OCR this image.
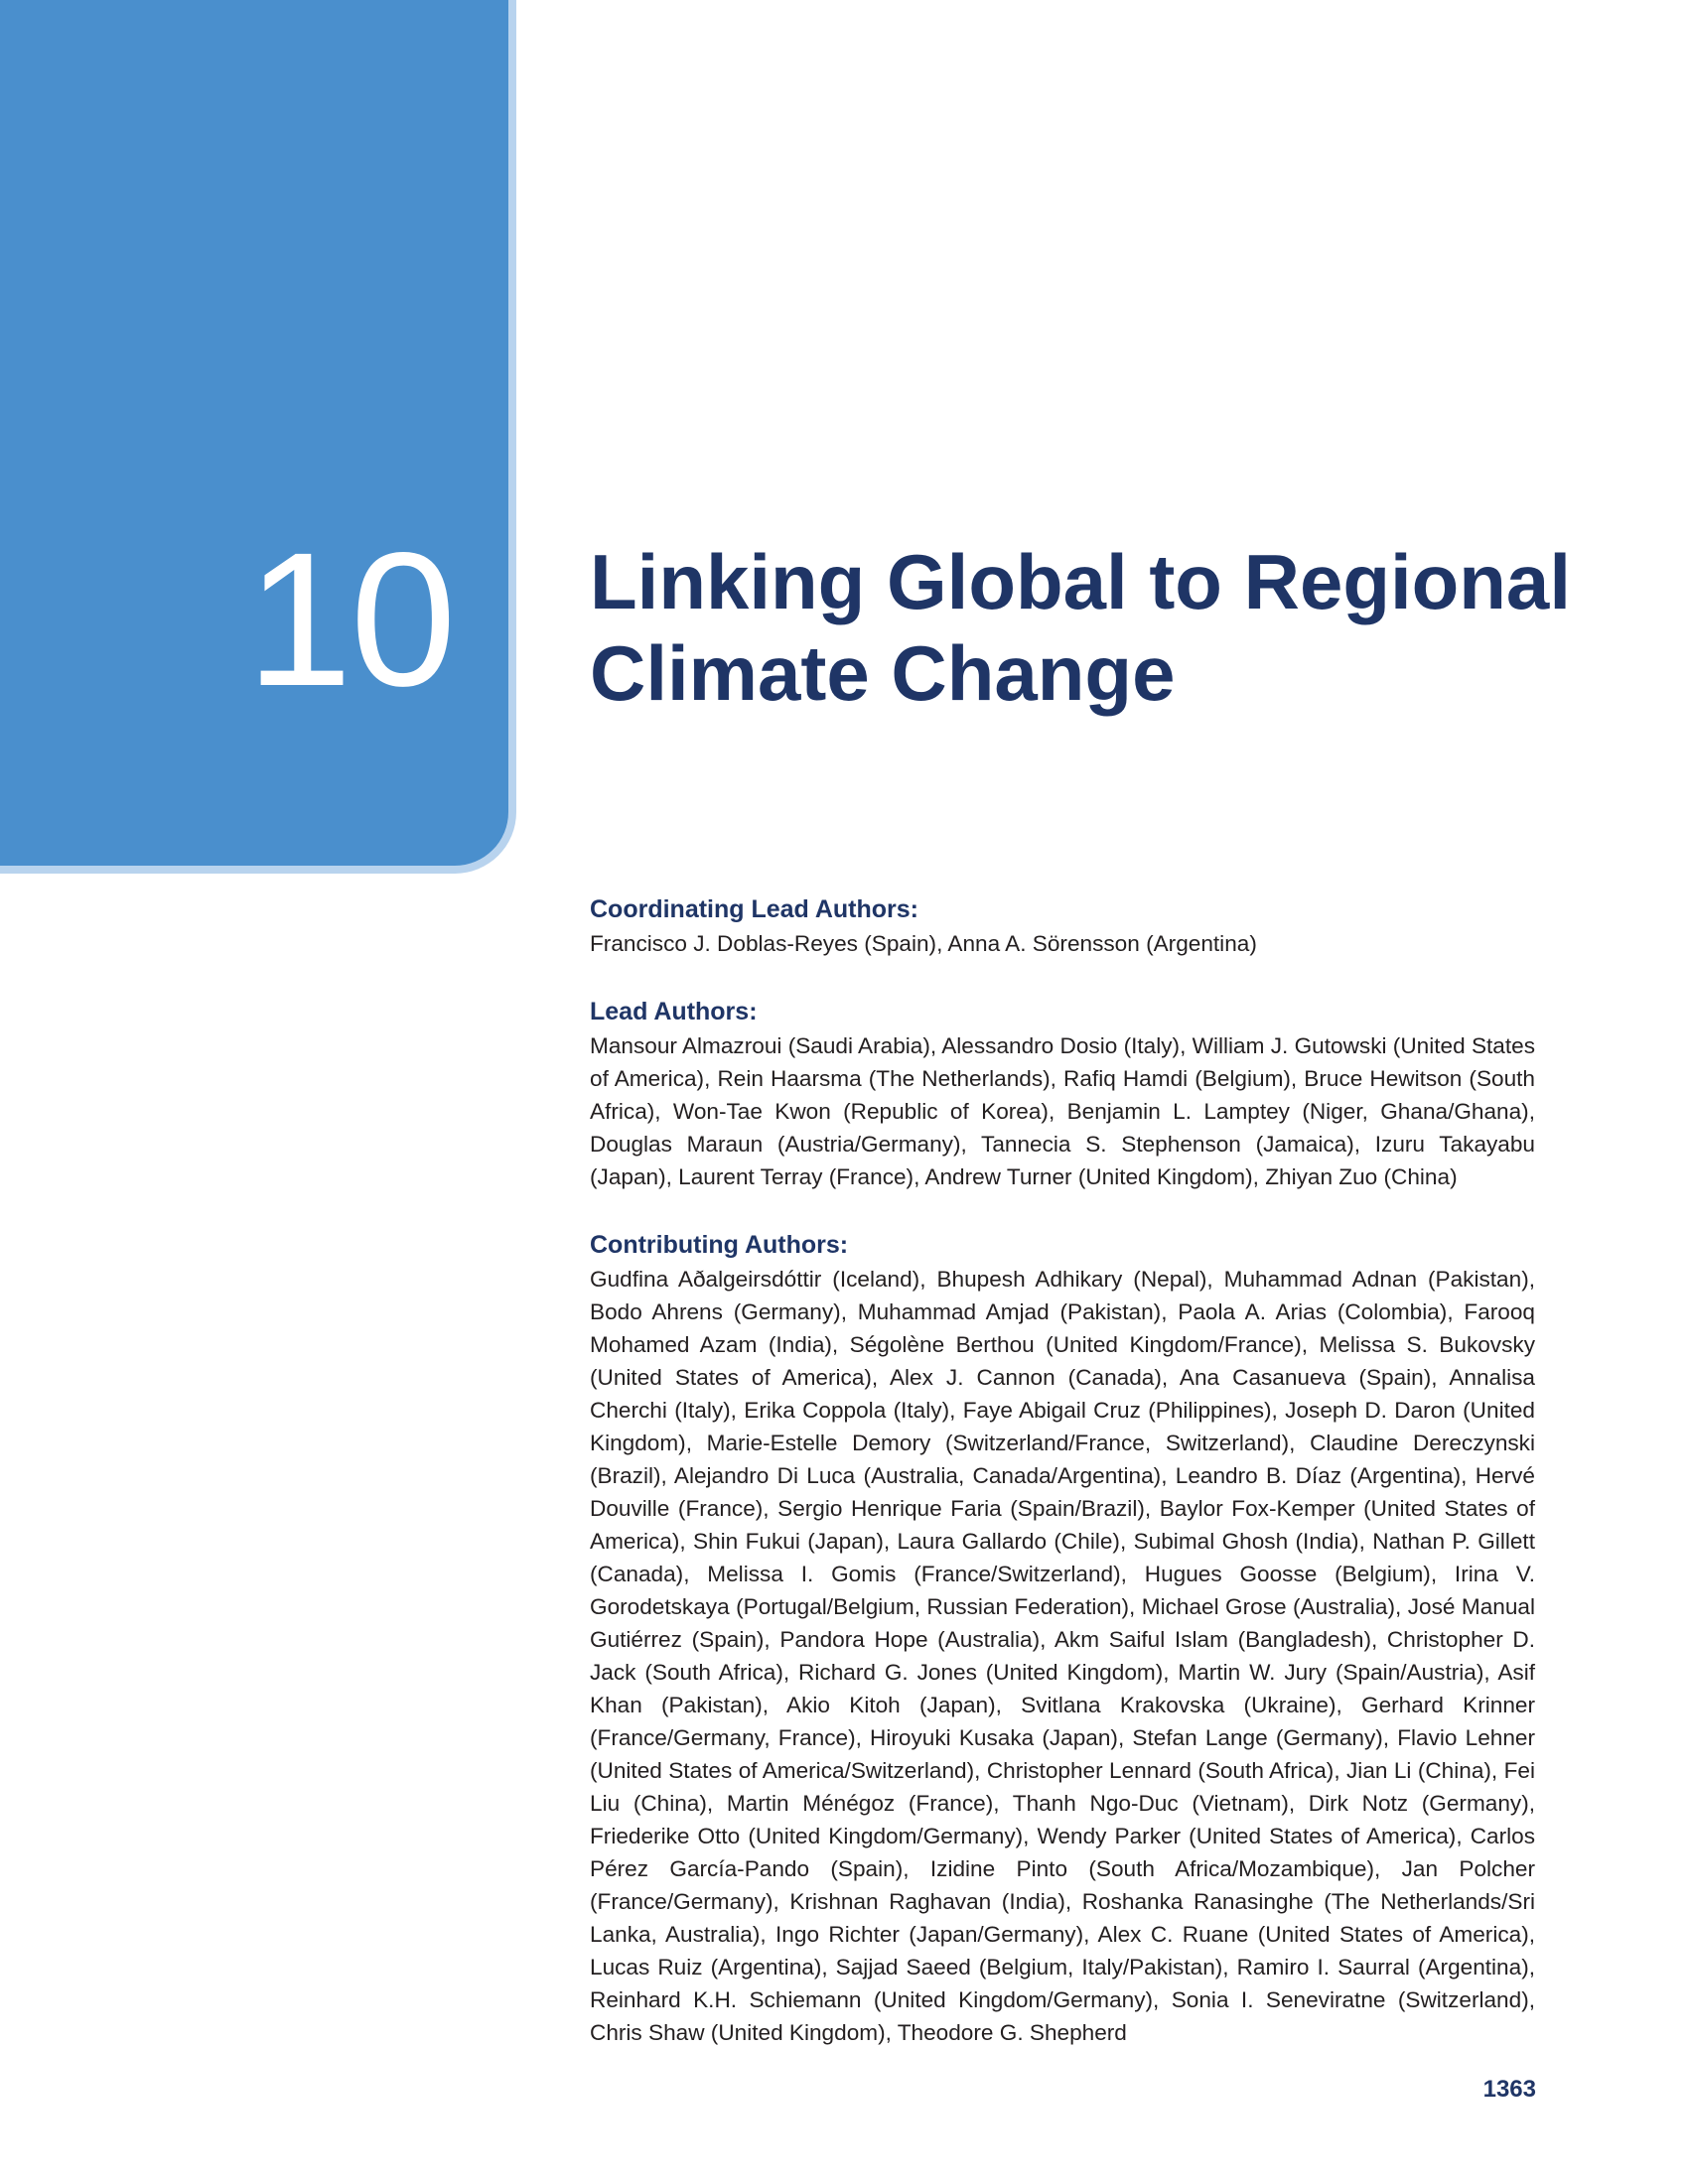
10 Linking Global to Regional
Climate Change
Coordinating Lead Authors:

Francisco J. Doblas-Reyes (Spain), Anna A. Sörensson (Argentina)

Lead Authors:

Mansour Almazroui (Saudi Arabia), Alessandro Dosio (Italy), William J. Gutowski (United States of America), Rein Haarsma (The Netherlands), Rafiq Hamdi (Belgium), Bruce Hewitson (South Africa), Won-Tae Kwon (Republic of Korea), Benjamin L. Lamptey (Niger, Ghana/Ghana), Douglas Maraun (Austria/Germany), Tannecia S. Stephenson (Jamaica), Izuru Takayabu (Japan), Laurent Terray (France), Andrew Turner (United Kingdom), Zhiyan Zuo (China)

Contributing Authors:

Gudfina Aðalgeirsdóttir (Iceland), Bhupesh Adhikary (Nepal), Muhammad Adnan (Pakistan), Bodo Ahrens (Germany), Muhammad Amjad (Pakistan), Paola A. Arias (Colombia), Farooq Mohamed Azam (India), Ségolène Berthou (United Kingdom/France), Melissa S. Bukovsky (United States of America), Alex J. Cannon (Canada), Ana Casanueva (Spain), Annalisa Cherchi (Italy), Erika Coppola (Italy), Faye Abigail Cruz (Philippines), Joseph D. Daron (United Kingdom), Marie-Estelle Demory (Switzerland/France, Switzerland), Claudine Dereczynski (Brazil), Alejandro Di Luca (Australia, Canada/Argentina), Leandro B. Díaz (Argentina), Hervé Douville (France), Sergio Henrique Faria (Spain/Brazil), Baylor Fox-Kemper (United States of America), Shin Fukui (Japan), Laura Gallardo (Chile), Subimal Ghosh (India), Nathan P. Gillett (Canada), Melissa I. Gomis (France/Switzerland), Hugues Goosse (Belgium), Irina V. Gorodetskaya (Portugal/Belgium, Russian Federation), Michael Grose (Australia), José Manual Gutiérrez (Spain), Pandora Hope (Australia), Akm Saiful Islam (Bangladesh), Christopher D. Jack (South Africa), Richard G. Jones (United Kingdom), Martin W. Jury (Spain/Austria), Asif Khan (Pakistan), Akio Kitoh (Japan), Svitlana Krakovska (Ukraine), Gerhard Krinner (France/Germany, France), Hiroyuki Kusaka (Japan), Stefan Lange (Germany), Flavio Lehner (United States of America/Switzerland), Christopher Lennard (South Africa), Jian Li (China), Fei Liu (China), Martin Ménégoz (France), Thanh Ngo-Duc (Vietnam), Dirk Notz (Germany), Friederike Otto (United Kingdom/Germany), Wendy Parker (United States of America), Carlos Pérez García-Pando (Spain), Izidine Pinto (South Africa/Mozambique), Jan Polcher (France/Germany), Krishnan Raghavan (India), Roshanka Ranasinghe (The Netherlands/Sri Lanka, Australia), Ingo Richter (Japan/Germany), Alex C. Ruane (United States of America), Lucas Ruiz (Argentina), Sajjad Saeed (Belgium, Italy/Pakistan), Ramiro I. Saurral (Argentina), Reinhard K.H. Schiemann (United Kingdom/Germany), Sonia I. Seneviratne (Switzerland), Chris Shaw (United Kingdom), Theodore G. Shepherd

1363
